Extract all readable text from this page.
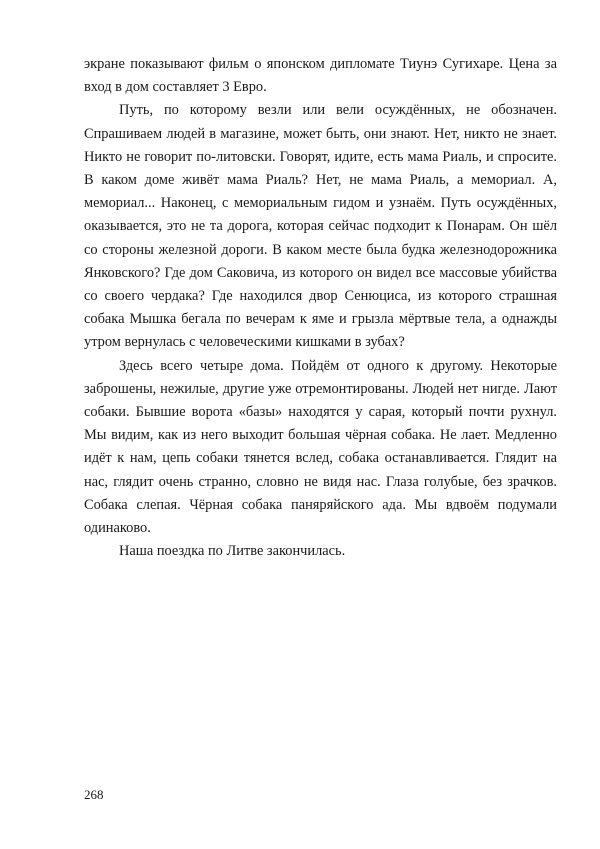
экране показывают фильм о японском дипломате Тиунэ Сугихаре. Цена за вход в дом составляет 3 Евро.

Путь, по которому везли или вели осуждённых, не обозначен. Спрашиваем людей в магазине, может быть, они знают. Нет, никто не знает. Никто не говорит по-литовски. Говорят, идите, есть мама Риаль, и спросите. В каком доме живёт мама Риаль? Нет, не мама Риаль, а мемориал. А, мемориал... Наконец, с мемориальным гидом и узнаём. Путь осуждённых, оказывается, это не та дорога, которая сейчас подходит к Понарам. Он шёл со стороны железной дороги. В каком месте была будка железнодорожника Янковского? Где дом Саковича, из которого он видел все массовые убийства со своего чердака? Где находился двор Сенюциса, из которого страшная собака Мышка бегала по вечерам к яме и грызла мёртвые тела, а однажды утром вернулась с человеческими кишками в зубах?

Здесь всего четыре дома. Пойдём от одного к другому. Некоторые заброшены, нежилые, другие уже отремонтированы. Людей нет нигде. Лают собаки. Бывшие ворота «базы» находятся у сарая, который почти рухнул. Мы видим, как из него выходит большая чёрная собака. Не лает. Медленно идёт к нам, цепь собаки тянется вслед, собака останавливается. Глядит на нас, глядит очень странно, словно не видя нас. Глаза голубые, без зрачков. Собака слепая. Чёрная собака паняряйского ада. Мы вдвоём подумали одинаково.

Наша поездка по Литве закончилась.

268
